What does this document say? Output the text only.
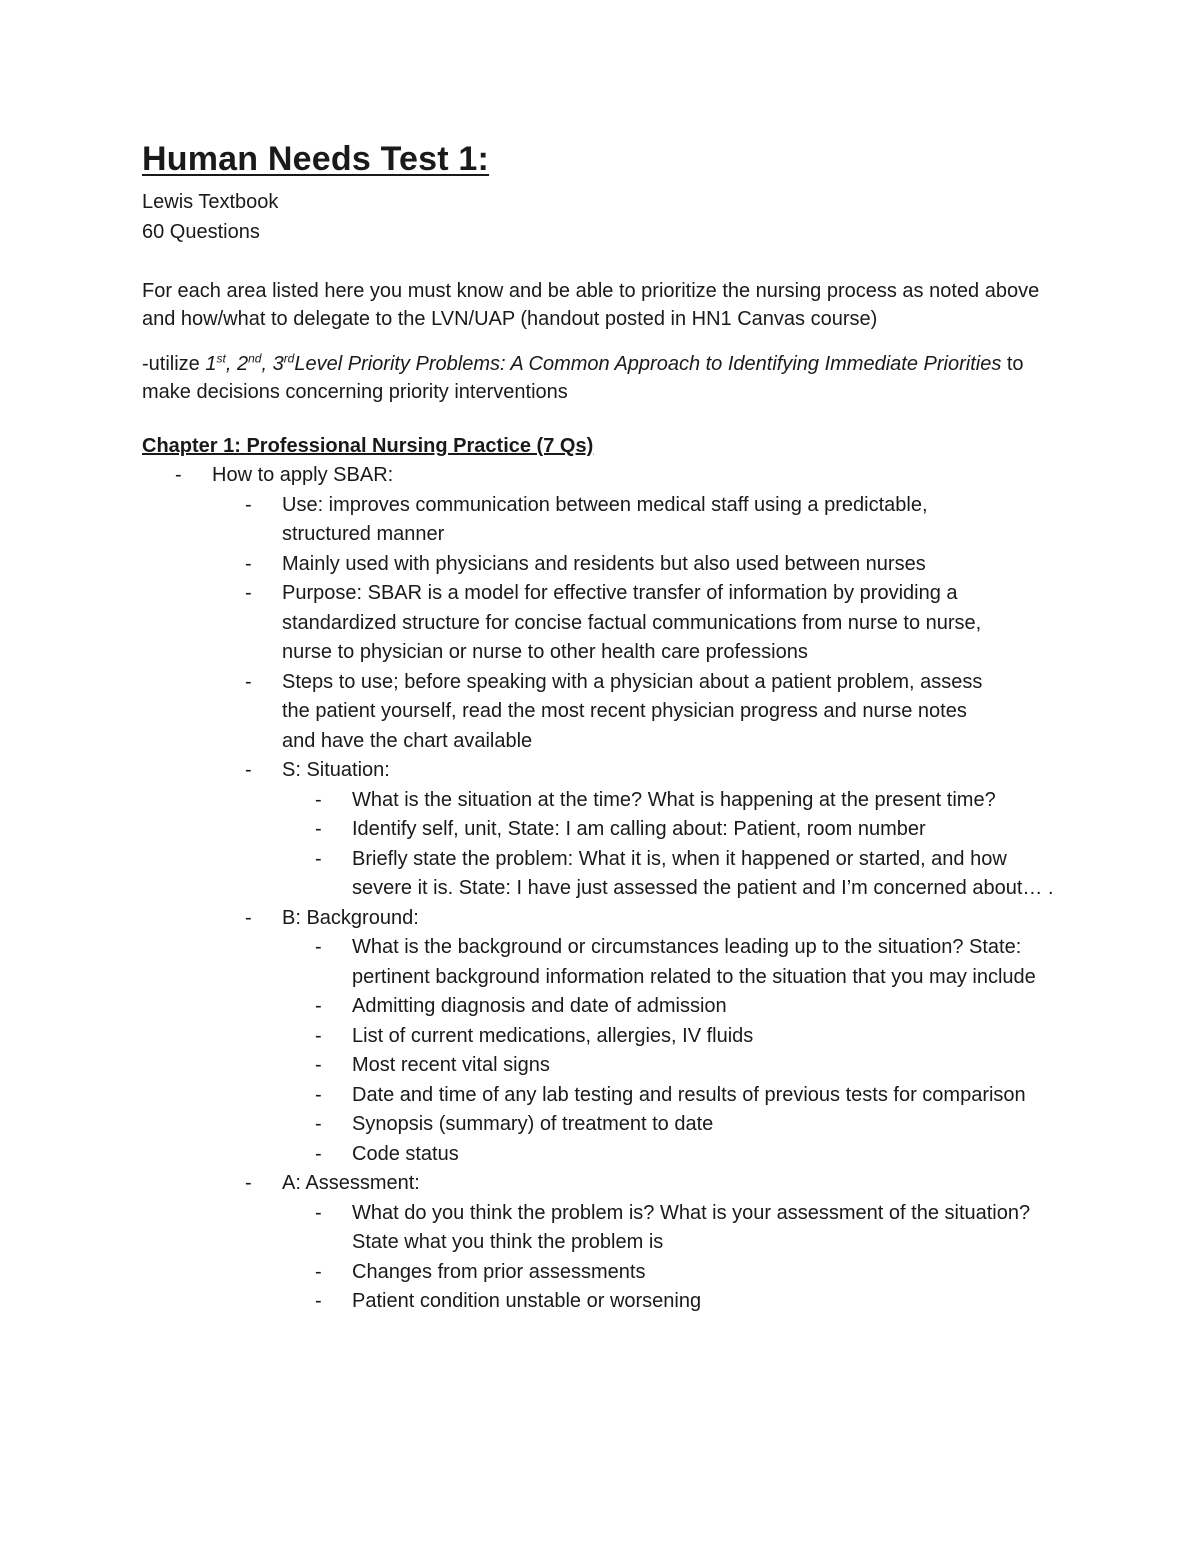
Human Needs Test 1:

Lewis Textbook

60 Questions

For each area listed here you must know and be able to prioritize the nursing process as noted above and how/what to delegate to the LVN/UAP (handout posted in HN1 Canvas course)

-utilize 1st, 2nd, 3rdLevel Priority Problems: A Common Approach to Identifying Immediate Priorities to make decisions concerning priority interventions

Chapter 1: Professional Nursing Practice (7 Qs)
-	How to apply SBAR:
-	Use: improves communication between medical staff using a predictable, structured manner
-	Mainly used with physicians and residents but also used between nurses
-	Purpose: SBAR is a model for effective transfer of information by providing a standardized structure for concise factual communications from nurse to nurse, nurse to physician or nurse to other health care professions
-	Steps to use; before speaking with a physician about a patient problem, assess the patient yourself, read the most recent physician progress and nurse notes and have the chart available
-	S: Situation:
-	What is the situation at the time? What is happening at the present time?
-	Identify self, unit, State: I am calling about: Patient, room number
-	Briefly state the problem: What it is, when it happened or started, and how severe it is. State: I have just assessed the patient and I’m concerned about… .
-	B: Background:
-	What is the background or circumstances leading up to the situation? State: pertinent background information related to the situation that you may include
-	Admitting diagnosis and date of admission
-	List of current medications, allergies, IV fluids
-	Most recent vital signs
-	Date and time of any lab testing and results of previous tests for comparison
-	Synopsis (summary) of treatment to date
-	Code status
-	A: Assessment:
-	What do you think the problem is? What is your assessment of the situation? State what you think the problem is
-	Changes from prior assessments
-	Patient condition unstable or worsening
